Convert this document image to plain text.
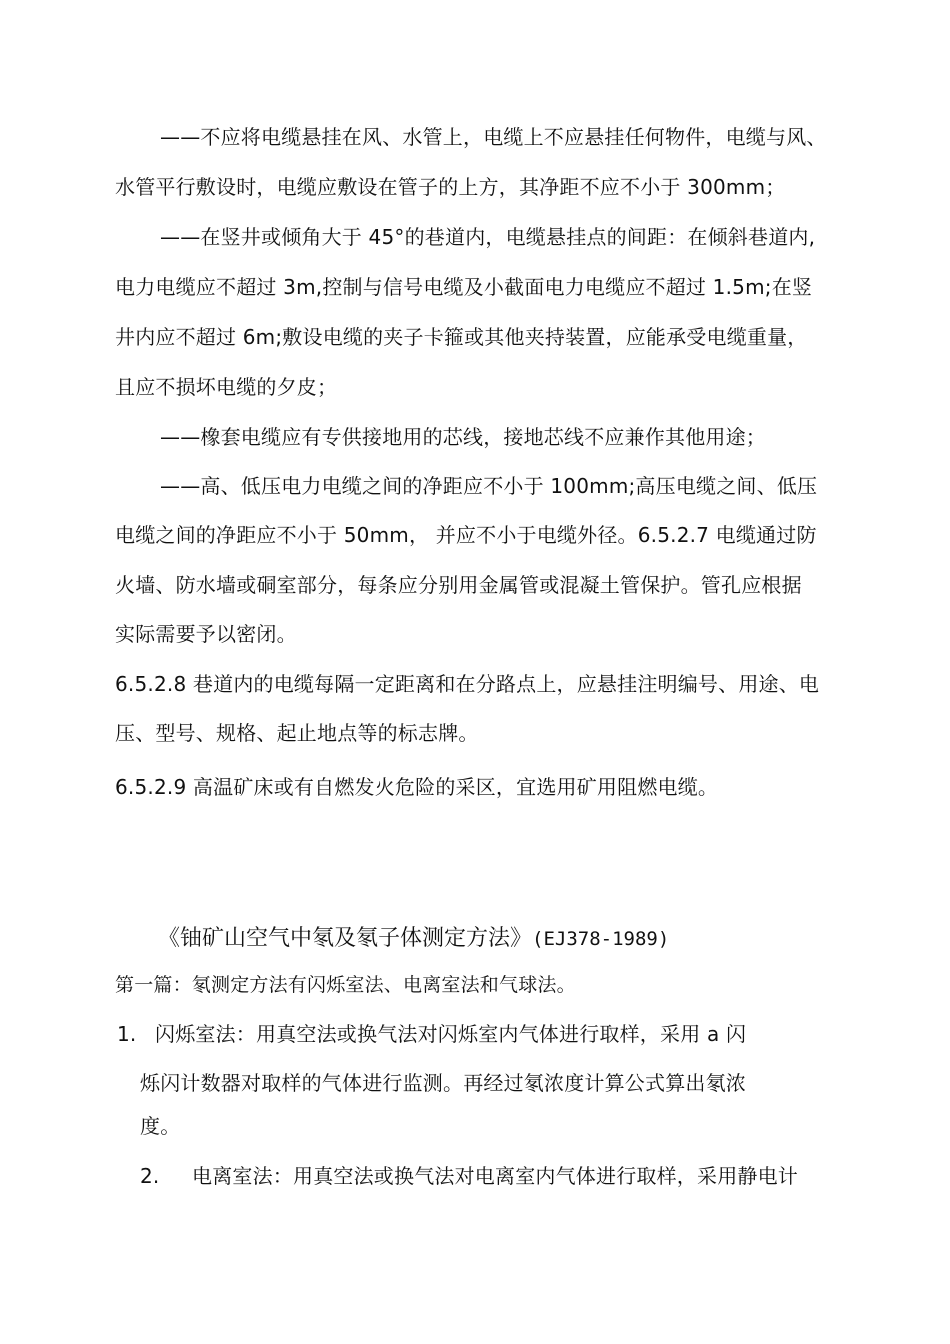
——不应将电缆悬挂在风、水管上，电缆上不应悬挂任何物件，电缆与风、
水管平行敷设时，电缆应敷设在管子的上方，其净距不应不小于 300mm；
——在竖井或倾角大于 45°的巷道内，电缆悬挂点的间距：在倾斜巷道内,
电力电缆应不超过 3m,控制与信号电缆及小截面电力电缆应不超过 1.5m;在竖
井内应不超过 6m;敷设电缆的夹子卡箍或其他夹持装置，应能承受电缆重量，
且应不损坏电缆的夕皮；
——橡套电缆应有专供接地用的芯线，接地芯线不应兼作其他用途；
——高、低压电力电缆之间的净距应不小于 100mm;高压电缆之间、低压
电缆之间的净距应不小于 50mm， 并应不小于电缆外径。6.5.2.7 电缆通过防
火墙、防水墙或硐室部分，每条应分别用金属管或混凝土管保护。管孔应根据
实际需要予以密闭。
6.5.2.8 巷道内的电缆每隔一定距离和在分路点上，应悬挂注明编号、用途、电
压、型号、规格、起止地点等的标志牌。
6.5.2.9 高温矿床或有自燃发火危险的采区，宜选用矿用阻燃电缆。
《铀矿山空气中氡及氡子体测定方法》(EJ378-1989)
第一篇：氡测定方法有闪烁室法、电离室法和气球法。
1. 闪烁室法：用真空法或换气法对闪烁室内气体进行取样，采用 a 闪
烁闪计数器对取样的气体进行监测。再经过氡浓度计算公式算出氡浓
度。
2. 电离室法：用真空法或换气法对电离室内气体进行取样，采用静电计
